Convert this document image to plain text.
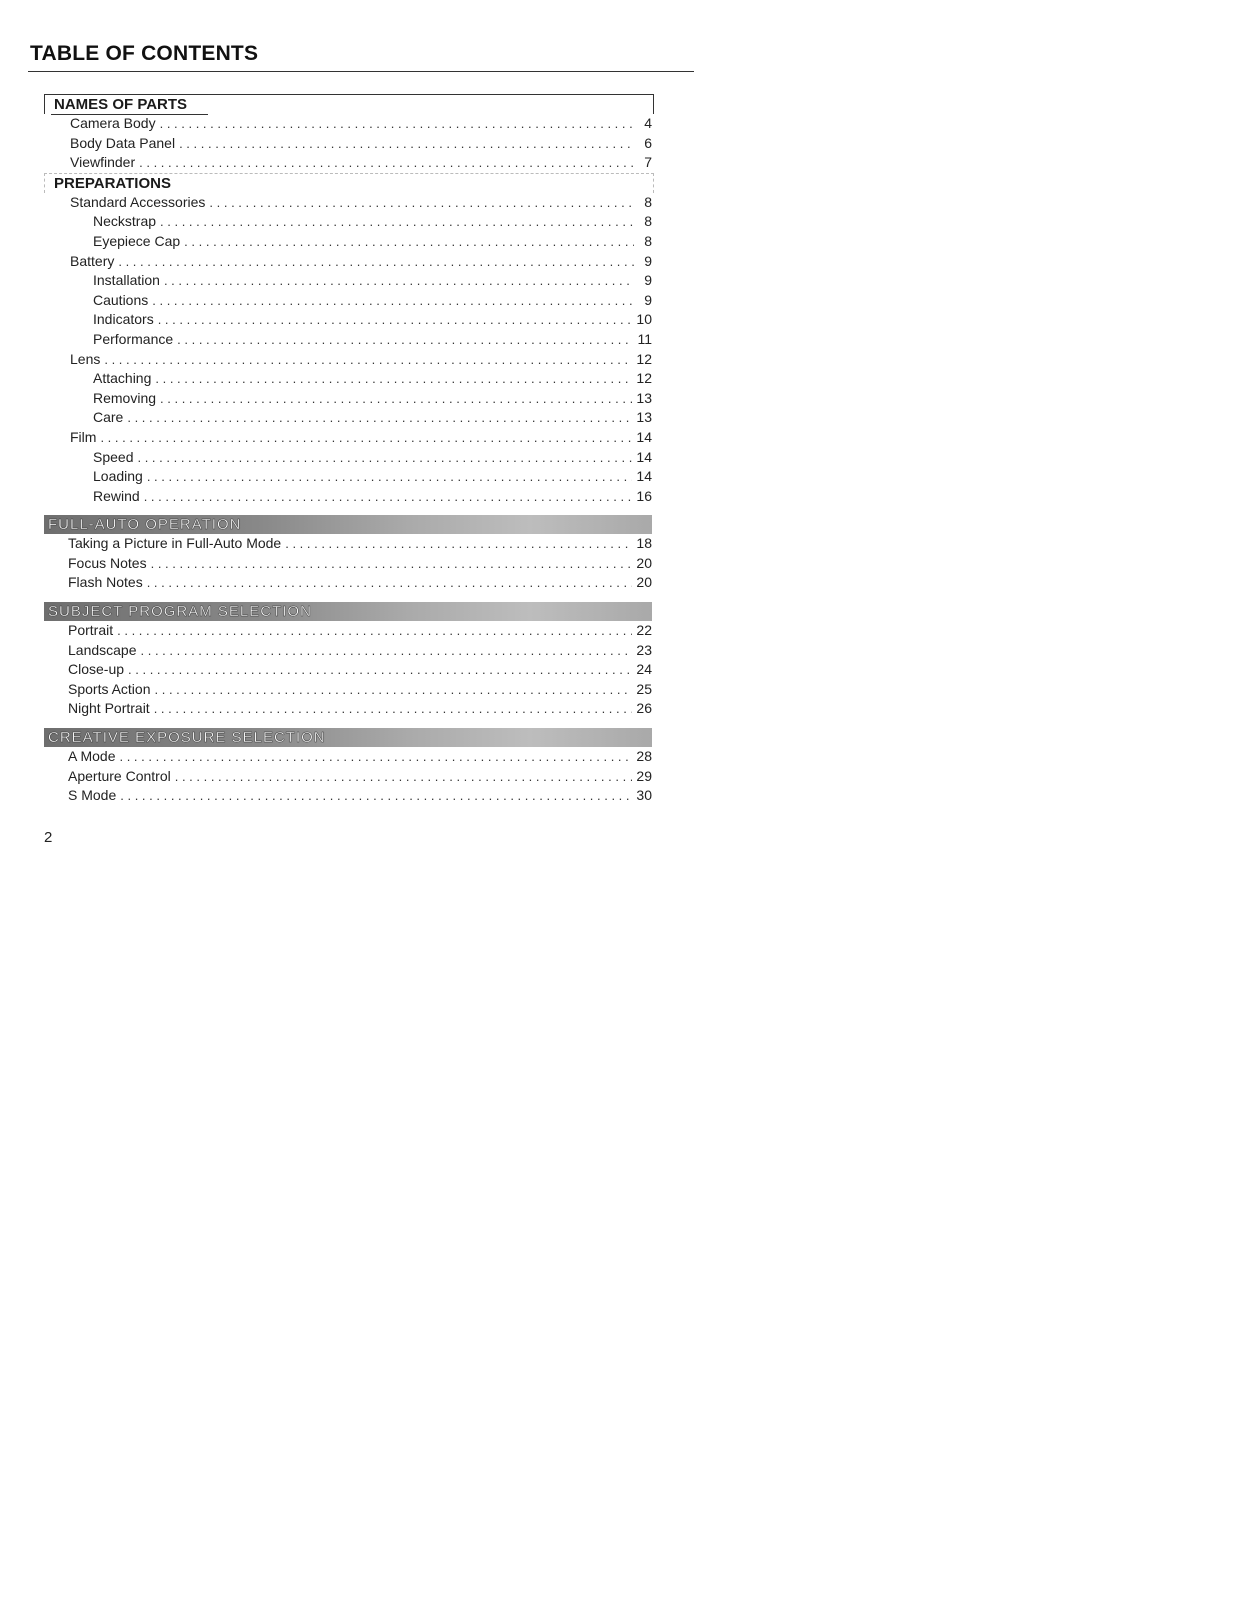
TABLE OF CONTENTS
NAMES OF PARTS
Camera Body . . .	4
Body Data Panel . . .	6
Viewfinder . . .	7
PREPARATIONS
Standard Accessories . . .	8
Neckstrap . . .	8
Eyepiece Cap . . .	8
Battery . . .	9
Installation . . .	9
Cautions . . .	9
Indicators . . .	10
Performance . . .	11
Lens . . .	12
Attaching . . .	12
Removing . . .	13
Care . . .	13
Film . . .	14
Speed . . .	14
Loading . . .	14
Rewind . . .	16
FULL-AUTO OPERATION
Taking a Picture in Full-Auto Mode . . .	18
Focus Notes . . .	20
Flash Notes . . .	20
SUBJECT PROGRAM SELECTION
Portrait . . .	22
Landscape . . .	23
Close-up . . .	24
Sports Action . . .	25
Night Portrait . . .	26
CREATIVE EXPOSURE SELECTION
A Mode . . .	28
Aperture Control . . .	29
S Mode . . .	30
2
